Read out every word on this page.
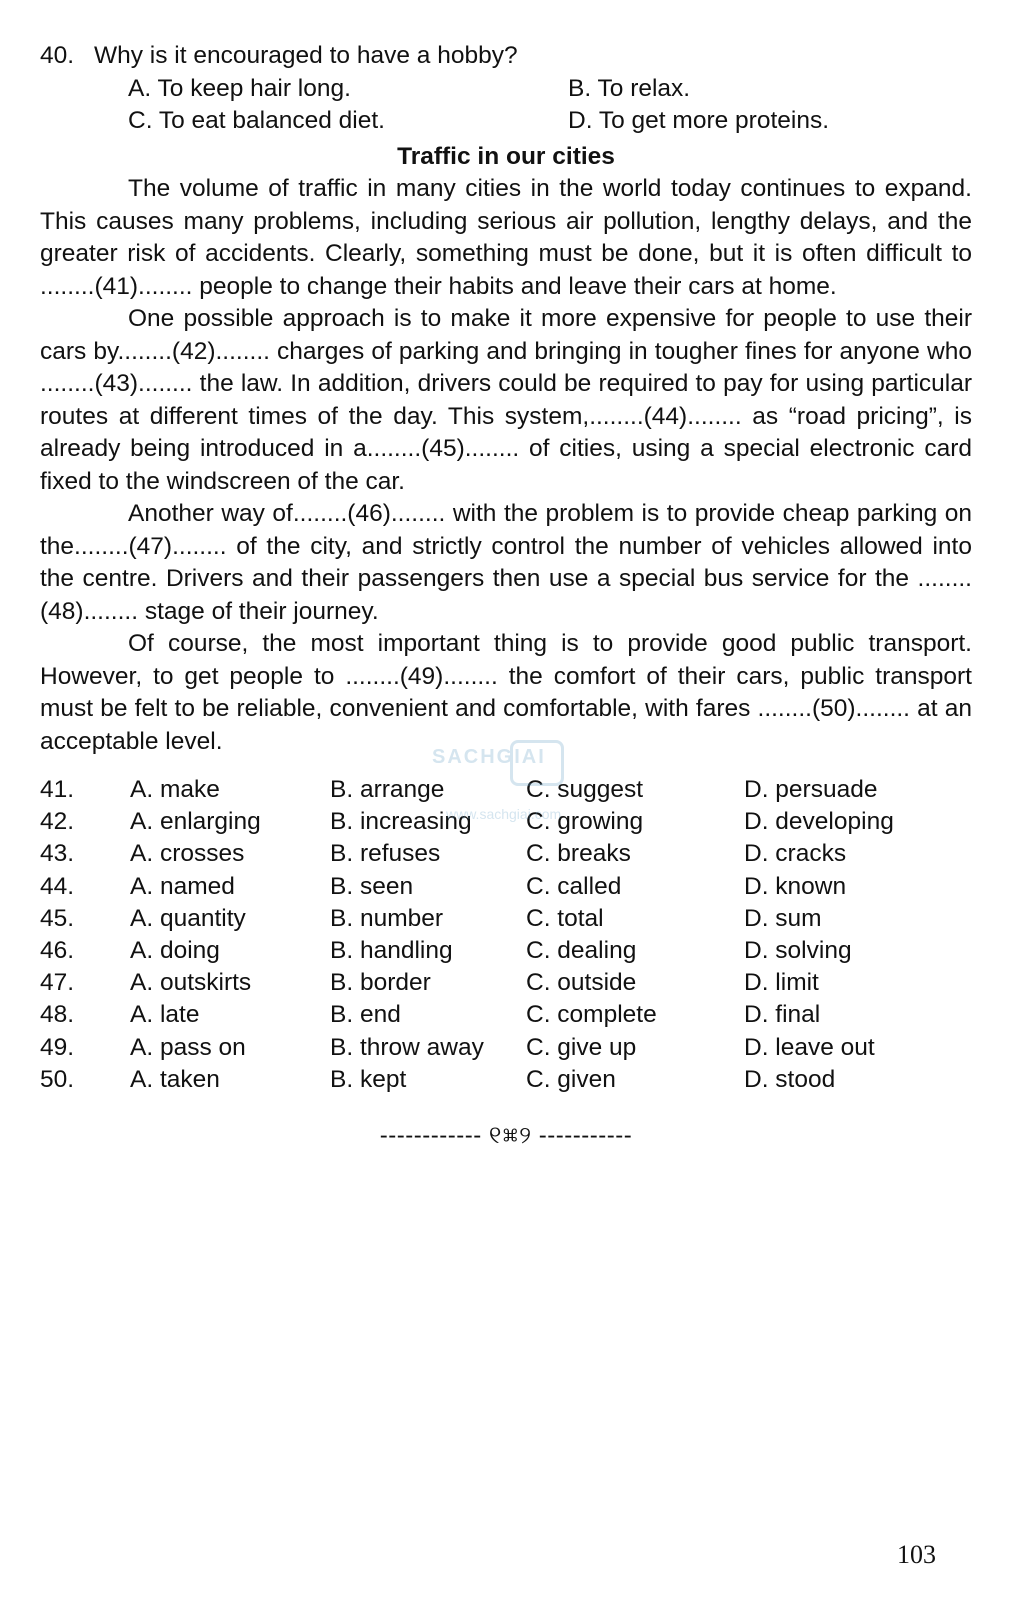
40. Why is it encouraged to have a hobby?
A. To keep hair long.	B. To relax.
C. To eat balanced diet.	D. To get more proteins.
Traffic in our cities

The volume of traffic in many cities in the world today continues to expand. This causes many problems, including serious air pollution, lengthy delays, and the greater risk of accidents. Clearly, something must be done, but it is often difficult to ........(41)........ people to change their habits and leave their cars at home.

One possible approach is to make it more expensive for people to use their cars by........(42)........ charges of parking and bringing in tougher fines for anyone who ........(43)........ the law. In addition, drivers could be required to pay for using particular routes at different times of the day. This system,........(44)........ as “road pricing”, is already being introduced in a........(45)........ of cities, using a special electronic card fixed to the windscreen of the car.

Another way of........(46)........ with the problem is to provide cheap parking on the........(47)........ of the city, and strictly control the number of vehicles allowed into the centre. Drivers and their passengers then use a special bus service for the ........(48)........ stage of their journey.

Of course, the most important thing is to provide good public transport. However, to get people to ........(49)........ the comfort of their cars, public transport must be felt to be reliable, convenient and comfortable, with fares ........(50)........ at an acceptable level.

41.	A. make	B. arrange	C. suggest	D. persuade
42.	A. enlarging	B. increasing	C. growing	D. developing
43.	A. crosses	B. refuses	C. breaks	D. cracks
44.	A. named	B. seen	C. called	D. known
45.	A. quantity	B. number	C. total	D. sum
46.	A. doing	B. handling	C. dealing	D. solving
47.	A. outskirts	B. border	C. outside	D. limit
48.	A. late	B. end	C. complete	D. final
49.	A. pass on	B. throw away	C. give up	D. leave out
50.	A. taken	B. kept	C. given	D. stood
------------ ୧⌘୨ -----------
SACHGIAI
www.sachgiai.com
103
